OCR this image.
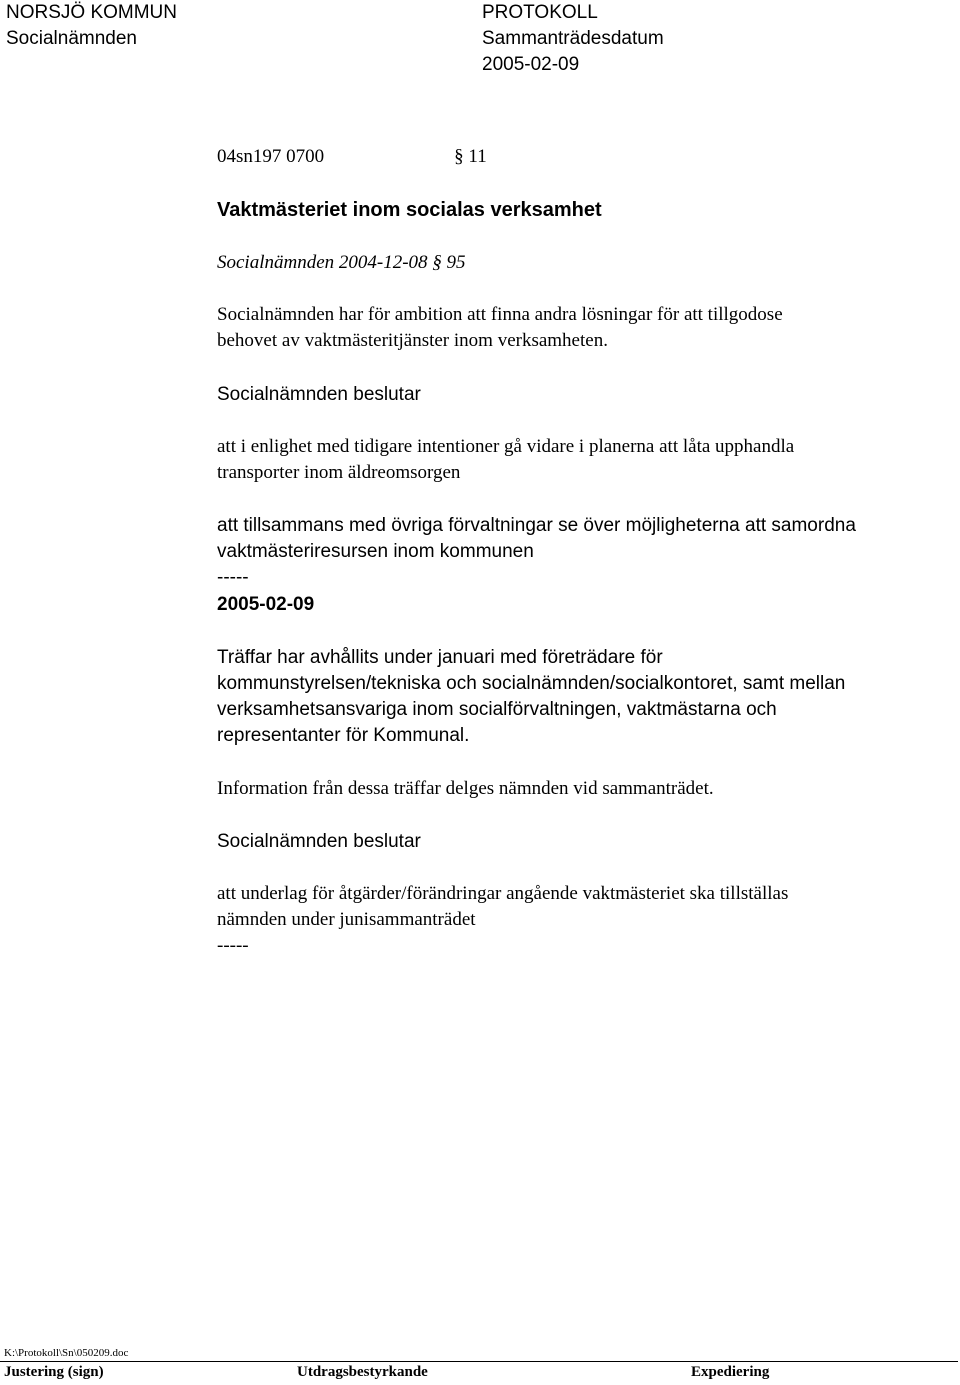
NORSJÖ KOMMUN
Socialnämnden
PROTOKOLL
Sammanträdesdatum
2005-02-09
04sn197 0700	§ 11
Vaktmästeriet inom socialas verksamhet
Socialnämnden 2004-12-08 § 95
Socialnämnden har för ambition att finna andra lösningar för att tillgodose
behovet av vaktmästeritjänster inom verksamheten.
Socialnämnden beslutar
att i enlighet med tidigare intentioner gå vidare i planerna att låta upphandla
transporter inom äldreomsorgen
att tillsammans med övriga förvaltningar se över möjligheterna att samordna
vaktmästeriresursen inom kommunen
-----
2005-02-09
Träffar har avhållits under januari med företrädare för
kommunstyrelsen/tekniska och socialnämnden/socialkontoret, samt mellan
verksamhetsansvariga inom socialförvaltningen, vaktmästarna och
representanter för Kommunal.
Information från dessa träffar delges nämnden vid sammanträdet.
Socialnämnden beslutar
att underlag för åtgärder/förändringar angående vaktmästeriet ska tillställas
nämnden under junisammanträdet
-----
K:\Protokoll\Sn\050209.doc
Justering (sign)	Utdragsbestyrkande	Expediering
